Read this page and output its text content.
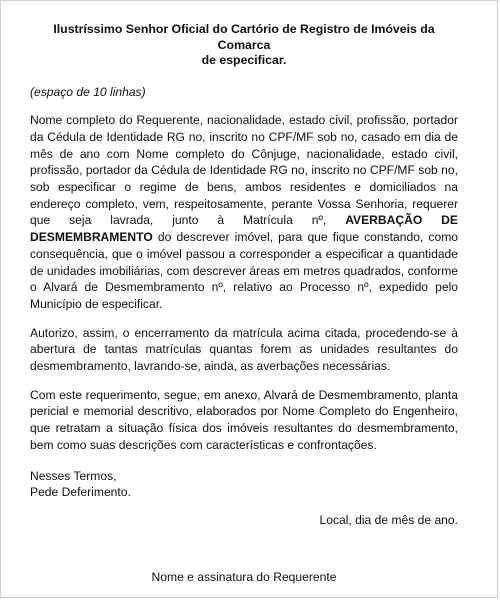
Ilustríssimo Senhor Oficial do Cartório de Registro de Imóveis da Comarca
de especificar.
(espaço de 10 linhas)

Nome completo do Requerente, nacionalidade, estado civil, profissão, portador da Cédula de Identidade RG no, inscrito no CPF/MF sob no, casado em dia de mês de ano com Nome completo do Cônjuge, nacionalidade, estado civil, profissão, portador da Cédula de Identidade RG no, inscrito no CPF/MF sob no, sob especificar o regime de bens, ambos residentes e domiciliados na endereço completo, vem, respeitosamente, perante Vossa Senhoria, requerer que seja lavrada, junto à Matrícula nº, AVERBAÇÃO DE DESMEMBRAMENTO do descrever imóvel, para que fique constando, como consequência, que o imóvel passou a corresponder a especificar a quantidade de unidades imobiliárias, com descrever áreas em metros quadrados, conforme o Alvará de Desmembramento nº, relativo ao Processo nº, expedido pelo Município de especificar.

Autorizo, assim, o encerramento da matrícula acima citada, procedendo-se à abertura de tantas matrículas quantas forem as unidades resultantes do desmembramento, lavrando-se, ainda, as averbações necessárias.

Com este requerimento, segue, em anexo, Alvará de Desmembramento, planta pericial e memorial descritivo, elaborados por Nome Completo do Engenheiro, que retratam a situação física dos imóveis resultantes do desmembramento, bem como suas descrições com características e confrontações.

Nesses Termos,
Pede Deferimento.
Local, dia de mês de ano.
Nome e assinatura do Requerente
